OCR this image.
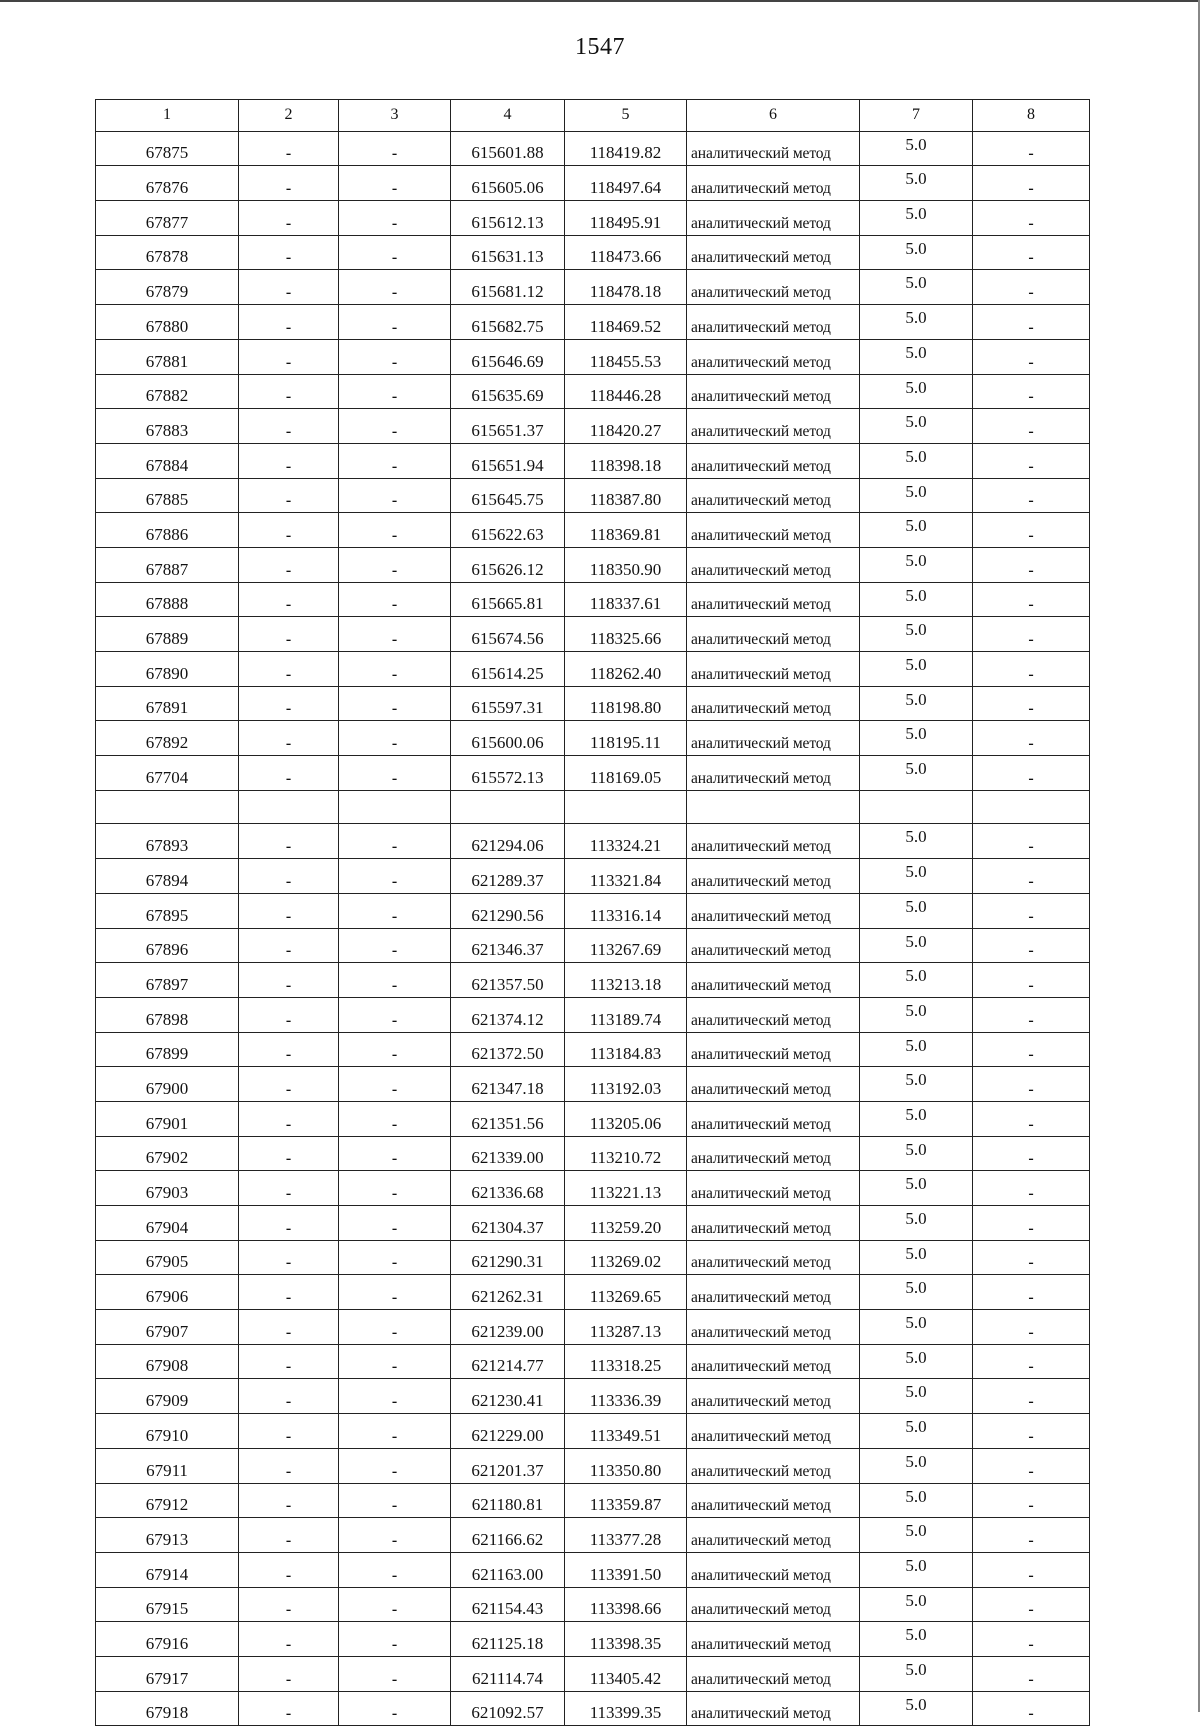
1547
1	2	3	4	5	6	7	8
67875	-	-	615601.88	118419.82	аналитический метод	5.0	-
67876	-	-	615605.06	118497.64	аналитический метод	5.0	-
67877	-	-	615612.13	118495.91	аналитический метод	5.0	-
67878	-	-	615631.13	118473.66	аналитический метод	5.0	-
67879	-	-	615681.12	118478.18	аналитический метод	5.0	-
67880	-	-	615682.75	118469.52	аналитический метод	5.0	-
67881	-	-	615646.69	118455.53	аналитический метод	5.0	-
67882	-	-	615635.69	118446.28	аналитический метод	5.0	-
67883	-	-	615651.37	118420.27	аналитический метод	5.0	-
67884	-	-	615651.94	118398.18	аналитический метод	5.0	-
67885	-	-	615645.75	118387.80	аналитический метод	5.0	-
67886	-	-	615622.63	118369.81	аналитический метод	5.0	-
67887	-	-	615626.12	118350.90	аналитический метод	5.0	-
67888	-	-	615665.81	118337.61	аналитический метод	5.0	-
67889	-	-	615674.56	118325.66	аналитический метод	5.0	-
67890	-	-	615614.25	118262.40	аналитический метод	5.0	-
67891	-	-	615597.31	118198.80	аналитический метод	5.0	-
67892	-	-	615600.06	118195.11	аналитический метод	5.0	-
67704	-	-	615572.13	118169.05	аналитический метод	5.0	-

67893	-	-	621294.06	113324.21	аналитический метод	5.0	-
67894	-	-	621289.37	113321.84	аналитический метод	5.0	-
67895	-	-	621290.56	113316.14	аналитический метод	5.0	-
67896	-	-	621346.37	113267.69	аналитический метод	5.0	-
67897	-	-	621357.50	113213.18	аналитический метод	5.0	-
67898	-	-	621374.12	113189.74	аналитический метод	5.0	-
67899	-	-	621372.50	113184.83	аналитический метод	5.0	-
67900	-	-	621347.18	113192.03	аналитический метод	5.0	-
67901	-	-	621351.56	113205.06	аналитический метод	5.0	-
67902	-	-	621339.00	113210.72	аналитический метод	5.0	-
67903	-	-	621336.68	113221.13	аналитический метод	5.0	-
67904	-	-	621304.37	113259.20	аналитический метод	5.0	-
67905	-	-	621290.31	113269.02	аналитический метод	5.0	-
67906	-	-	621262.31	113269.65	аналитический метод	5.0	-
67907	-	-	621239.00	113287.13	аналитический метод	5.0	-
67908	-	-	621214.77	113318.25	аналитический метод	5.0	-
67909	-	-	621230.41	113336.39	аналитический метод	5.0	-
67910	-	-	621229.00	113349.51	аналитический метод	5.0	-
67911	-	-	621201.37	113350.80	аналитический метод	5.0	-
67912	-	-	621180.81	113359.87	аналитический метод	5.0	-
67913	-	-	621166.62	113377.28	аналитический метод	5.0	-
67914	-	-	621163.00	113391.50	аналитический метод	5.0	-
67915	-	-	621154.43	113398.66	аналитический метод	5.0	-
67916	-	-	621125.18	113398.35	аналитический метод	5.0	-
67917	-	-	621114.74	113405.42	аналитический метод	5.0	-
67918	-	-	621092.57	113399.35	аналитический метод	5.0	-
